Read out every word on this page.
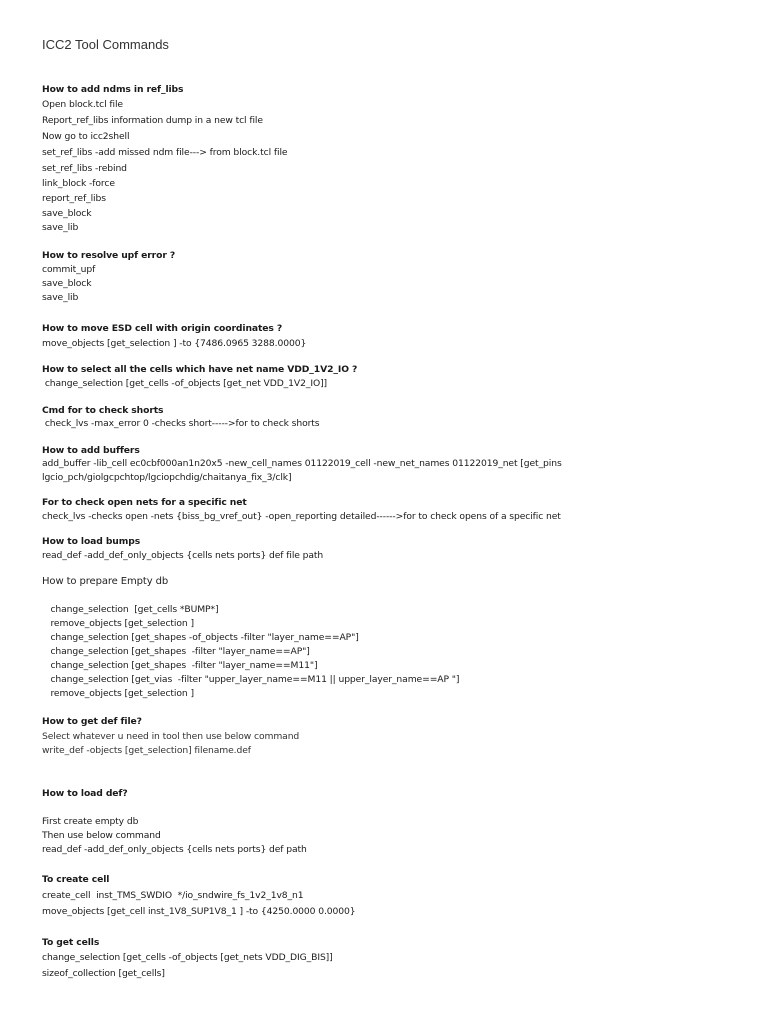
ICC2 Tool Commands
How to add ndms in ref_libs
Open block.tcl file
Report_ref_libs information dump in a new tcl file
Now go to icc2shell
set_ref_libs -add missed ndm file---> from block.tcl file
set_ref_libs -rebind
link_block -force
report_ref_libs
save_block
save_lib
How to resolve upf error ?
commit_upf
save_block
save_lib
How to move ESD cell with origin coordinates ?
move_objects [get_selection ] -to {7486.0965 3288.0000}
How to select all the cells which have net name VDD_1V2_IO ?
change_selection [get_cells -of_objects [get_net VDD_1V2_IO]]
Cmd for to check shorts
check_lvs -max_error 0 -checks short----->for to check shorts
How to add buffers
add_buffer -lib_cell ec0cbf000an1n20x5 -new_cell_names 01122019_cell -new_net_names 01122019_net [get_pins
lgcio_pch/giolgcpchtop/lgciopchdig/chaitanya_fix_3/clk]
For to check open nets for a specific net
check_lvs -checks open -nets {biss_bg_vref_out} -open_reporting detailed------>for to check opens of a specific net
How to load bumps
read_def -add_def_only_objects {cells nets ports} def file path
How to prepare Empty db
change_selection  [get_cells *BUMP*]
remove_objects [get_selection ]
change_selection [get_shapes -of_objects -filter "layer_name==AP"]
change_selection [get_shapes  -filter "layer_name==AP"]
change_selection [get_shapes  -filter "layer_name==M11"]
change_selection [get_vias  -filter "upper_layer_name==M11 || upper_layer_name==AP "]
remove_objects [get_selection ]
How to get def file?
Select whatever u need in tool then use below command
write_def -objects [get_selection] filename.def
How to load def?
First create empty db
Then use below command
read_def -add_def_only_objects {cells nets ports} def path
To create cell
create_cell  inst_TMS_SWDIO  */io_sndwire_fs_1v2_1v8_n1
move_objects [get_cell inst_1V8_SUP1V8_1 ] -to {4250.0000 0.0000}
To get cells
change_selection [get_cells -of_objects [get_nets VDD_DIG_BIS]]
sizeof_collection [get_cells]
